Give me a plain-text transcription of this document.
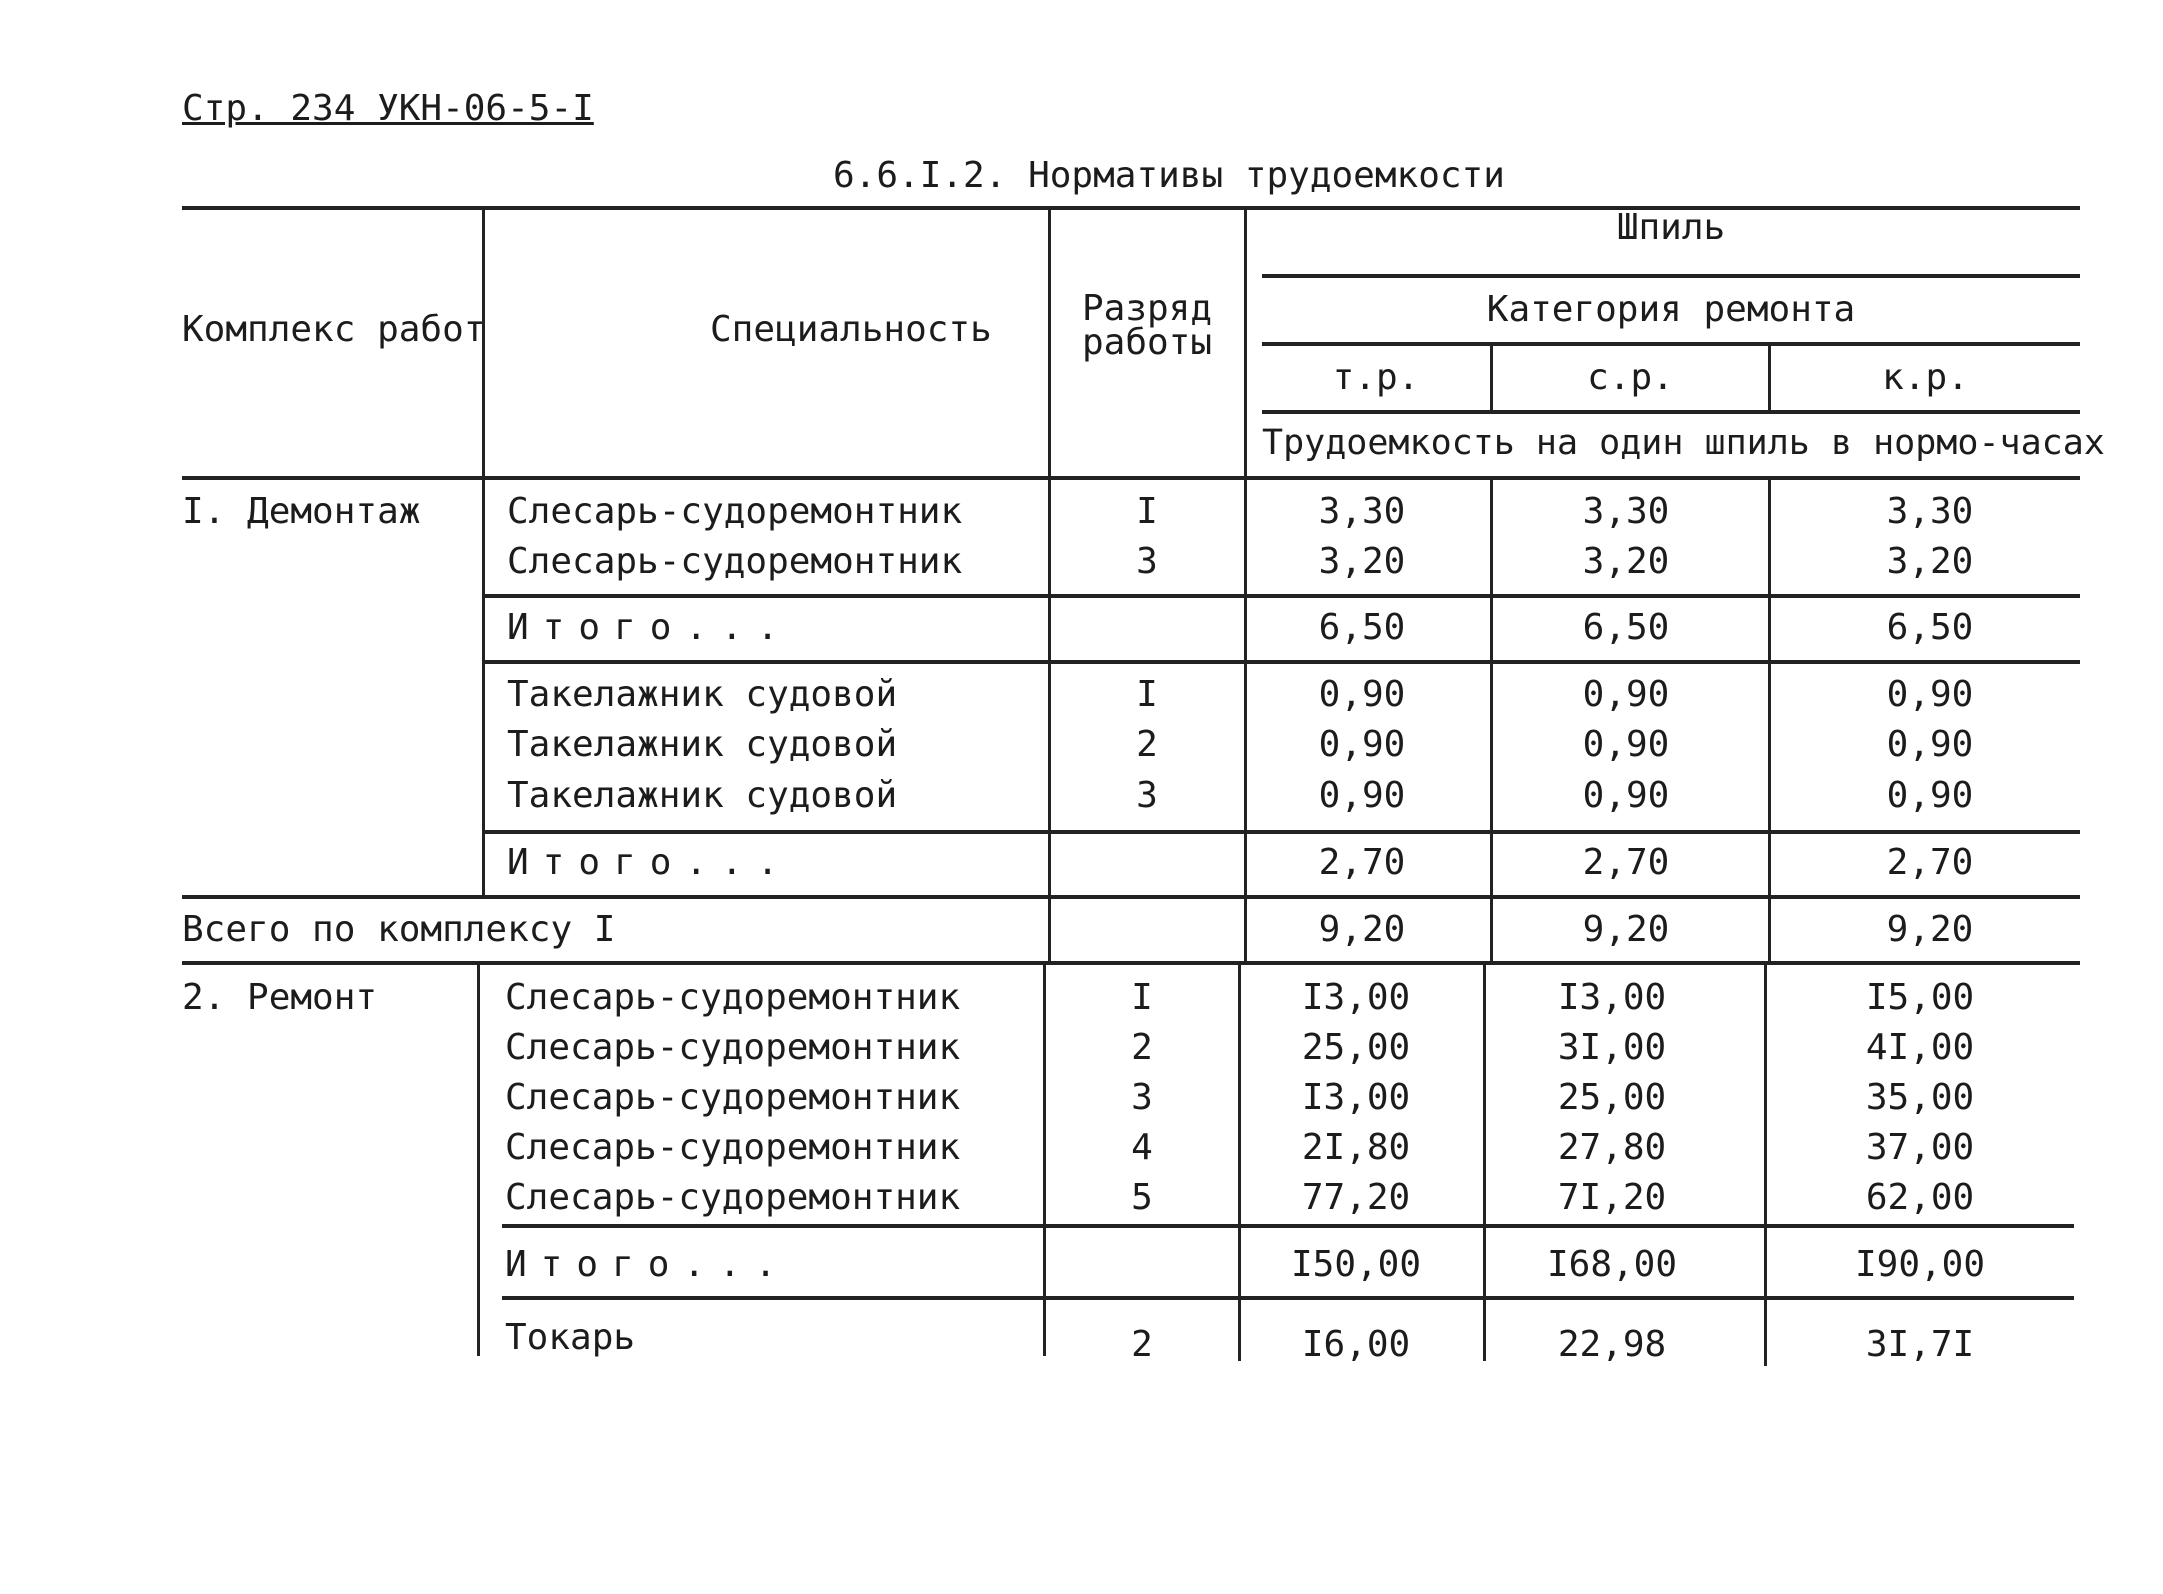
Стр. 234 УКН-06-5-I
6.6.I.2. Нормативы трудоемкости
Комплекс работ	Специальность
Разряд
работы
Шпиль
Категория ремонта
т.р.	с.р.	к.р.
Трудоемкость на один шпиль в нормо-часах
I. Демонтаж Слесарь-судоремонтник	I	3,30	3,30	3,30
Слесарь-судоремонтник	3	3,20	3,20	3,20
Итого...	6,50	6,50	6,50
Такелажник судовой	I	0,90	0,90	0,90
Такелажник судовой	2	0,90	0,90	0,90
Такелажник судовой	3	0,90	0,90	0,90
Итого...	2,70	2,70	2,70
Всего по комплексу I	9,20	9,20	9,20
2. Ремонт	Слесарь-судоремонтник	I	I3,00	I3,00	I5,00
Слесарь-судоремонтник	2	25,00	3I,00	4I,00
Слесарь-судоремонтник	3	I3,00	25,00	35,00
Слесарь-судоремонтник	4	2I,80	27,80	37,00
Слесарь-судоремонтник	5	77,20	7I,20	62,00
Итого...	I50,00	I68,00	I90,00
Токарь	2	I6,00	22,98	3I,7I
